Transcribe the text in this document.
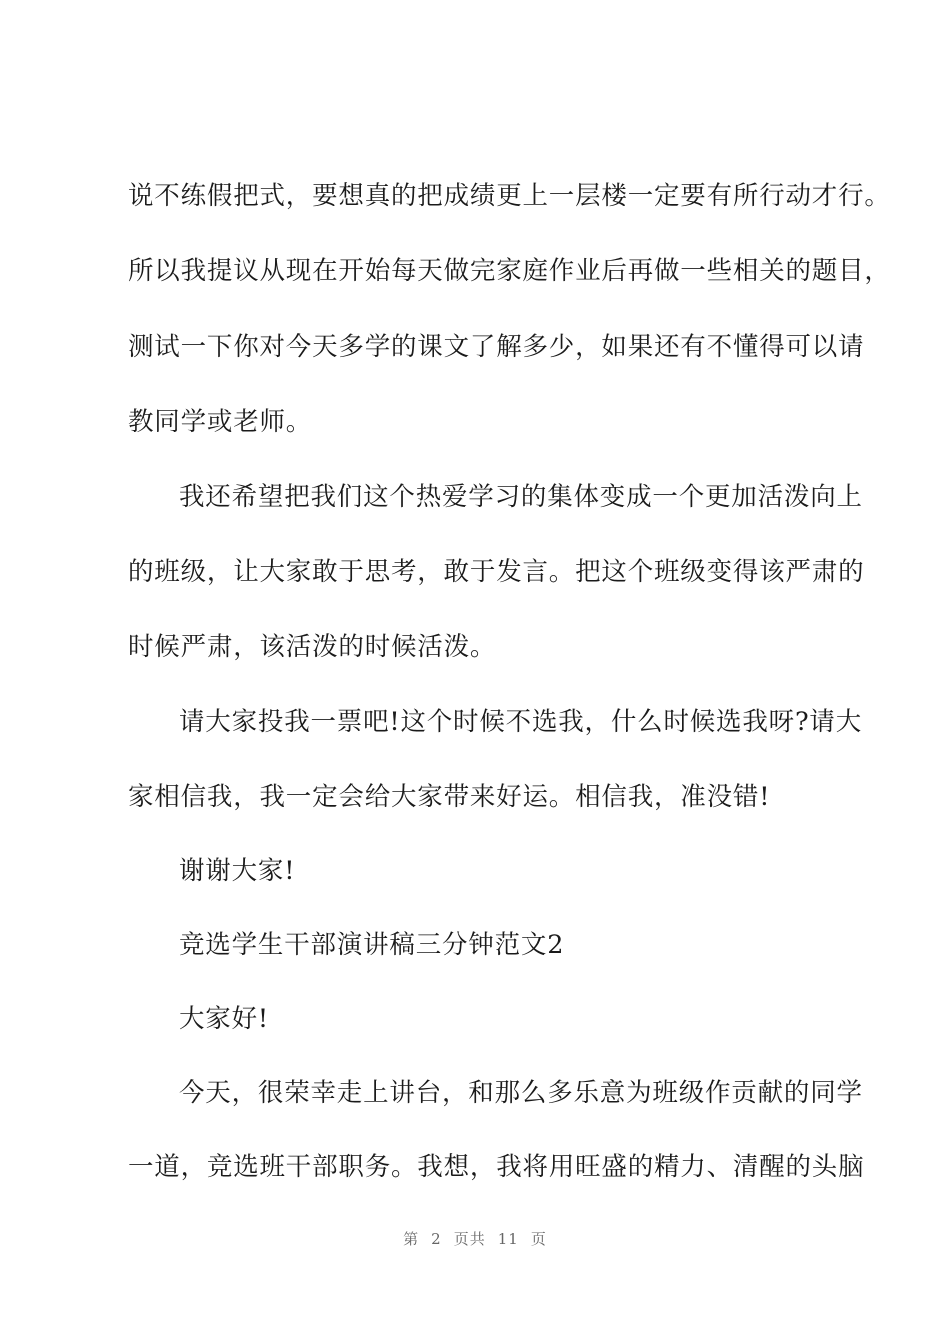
说不练假把式，要想真的把成绩更上一层楼一定要有所行动才行。
所以我提议从现在开始每天做完家庭作业后再做一些相关的题目，
测试一下你对今天多学的课文了解多少，如果还有不懂得可以请
教同学或老师。
我还希望把我们这个热爱学习的集体变成一个更加活泼向上
的班级，让大家敢于思考，敢于发言。把这个班级变得该严肃的
时候严肃，该活泼的时候活泼。
请大家投我一票吧!这个时候不选我，什么时候选我呀?请大
家相信我，我一定会给大家带来好运。相信我，准没错!
谢谢大家!
竞选学生干部演讲稿三分钟范文2
大家好!
今天，很荣幸走上讲台，和那么多乐意为班级作贡献的同学
一道，竞选班干部职务。我想，我将用旺盛的精力、清醒的头脑
第 2 页共 11 页
